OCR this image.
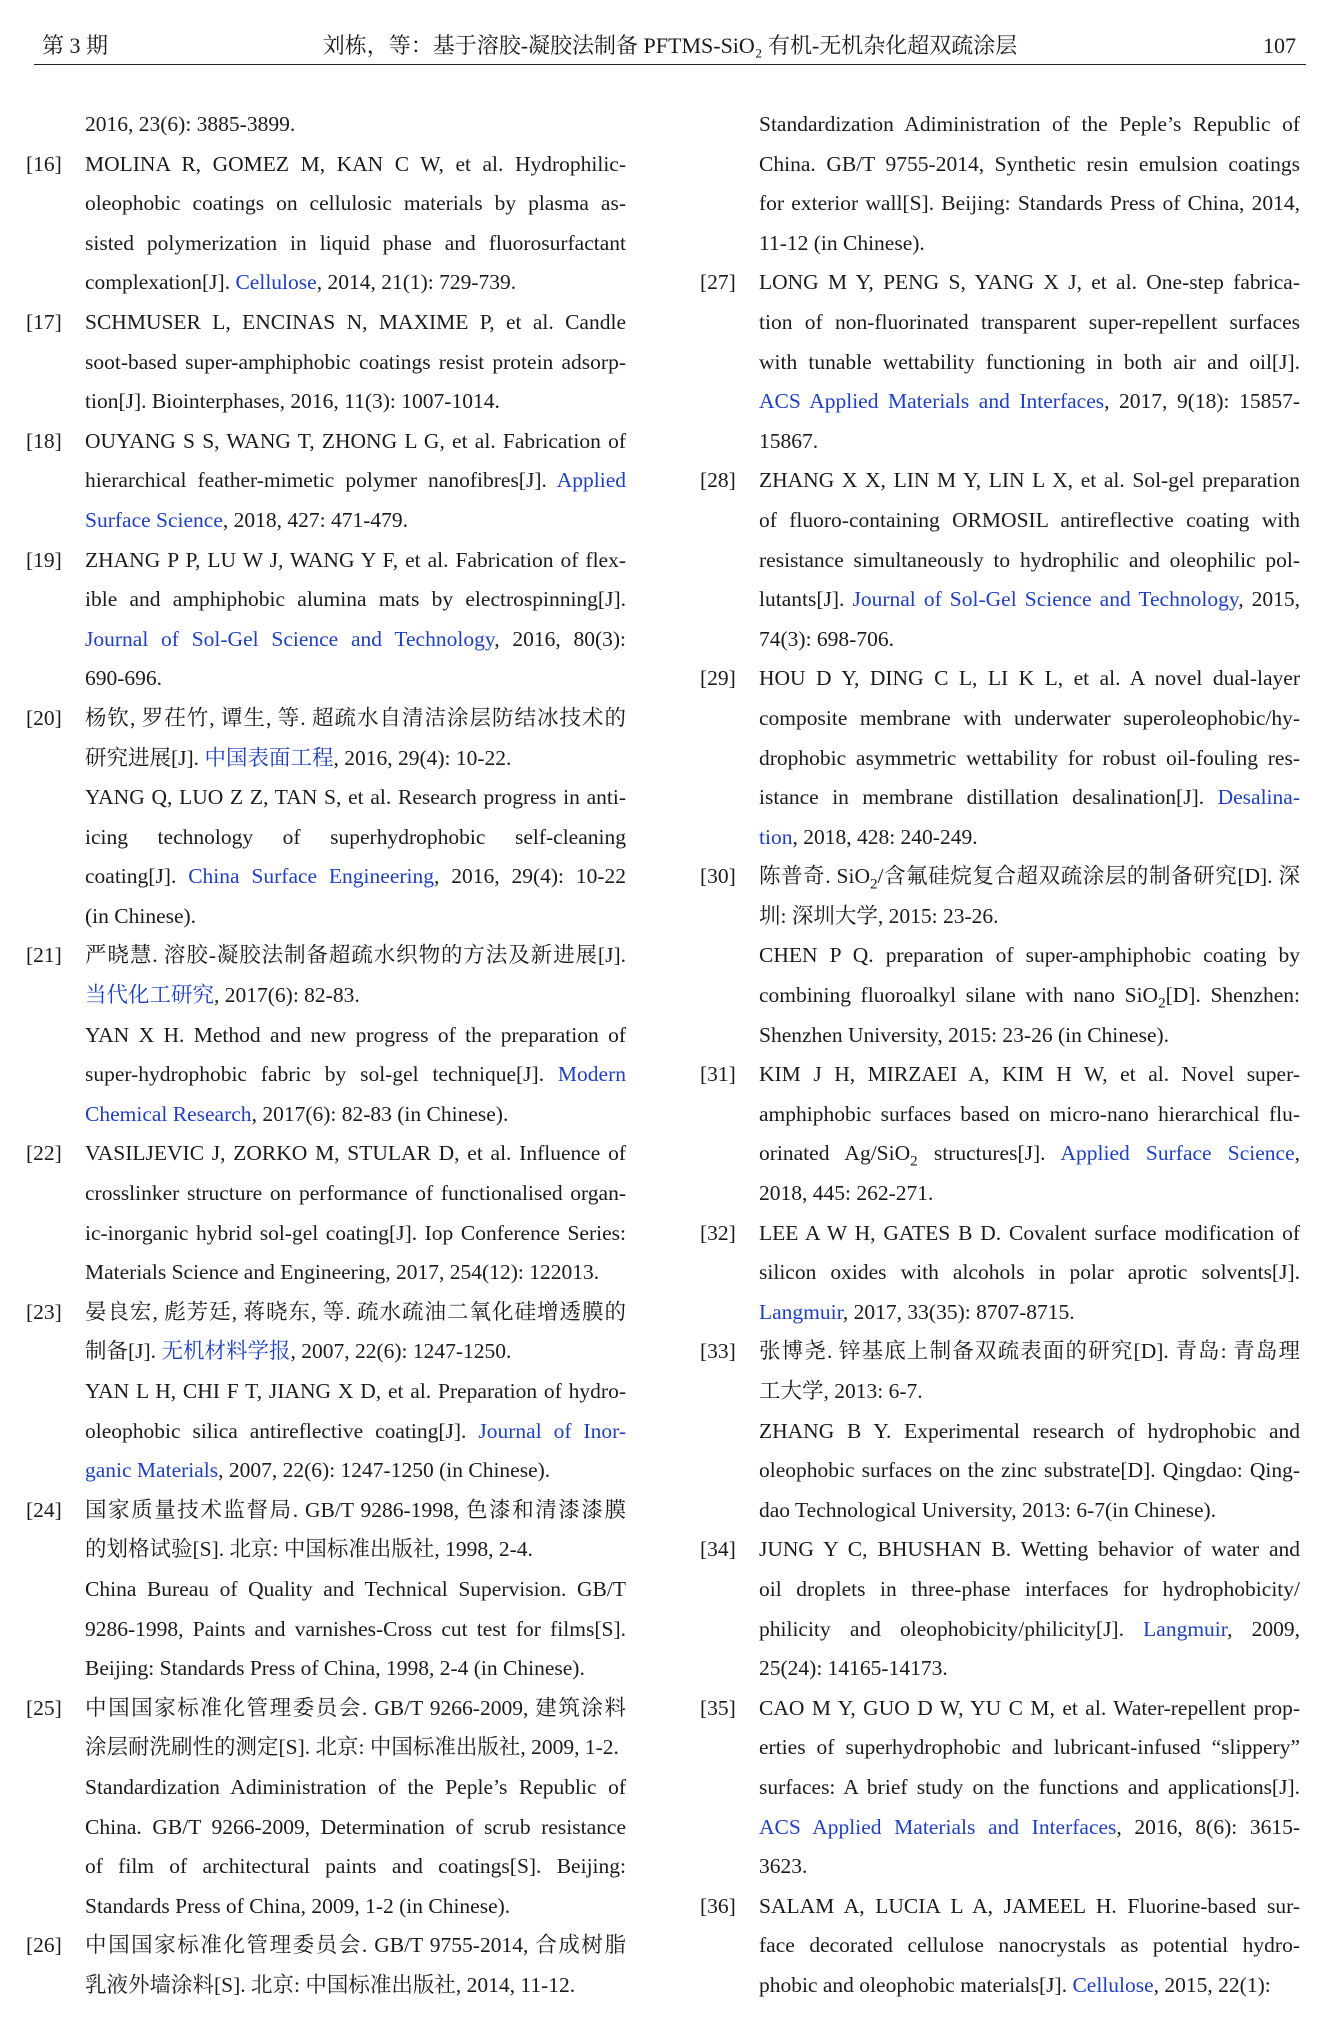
第 3 期	刘栋，等：基于溶胶-凝胶法制备 PFTMS-SiO₂ 有机-无机杂化超双疏涂层	107
2016, 23(6): 3885-3899.
[16] MOLINA R, GOMEZ M, KAN C W, et al. Hydrophilic-
oleophobic coatings on cellulosic materials by plasma as-
sisted polymerization in liquid phase and fluorosurfactant
complexation[J]. Cellulose, 2014, 21(1): 729-739.
[17] SCHMUSER L, ENCINAS N, MAXIME P, et al. Candle
soot-based super-amphiphobic coatings resist protein adsorp-
tion[J]. Biointerphases, 2016, 11(3): 1007-1014.
[18] OUYANG S S, WANG T, ZHONG L G, et al. Fabrication of
hierarchical feather-mimetic polymer nanofibres[J]. Applied
Surface Science, 2018, 427: 471-479.
[19] ZHANG P P, LU W J, WANG Y F, et al. Fabrication of flex-
ible and amphiphobic alumina mats by electrospinning[J].
Journal of Sol-Gel Science and Technology, 2016, 80(3):
690-696.
[20] 杨钦, 罗茌竹, 谭生, 等. 超疏水自清洁涂层防结冰技术的
研究进展[J]. 中国表面工程, 2016, 29(4): 10-22.
YANG Q, LUO Z Z, TAN S, et al. Research progress in anti-
icing technology of superhydrophobic self-cleaning
coating[J]. China Surface Engineering, 2016, 29(4): 10-22
(in Chinese).
[21] 严晓慧. 溶胶-凝胶法制备超疏水织物的方法及新进展[J].
当代化工研究, 2017(6): 82-83.
YAN X H. Method and new progress of the preparation of
super-hydrophobic fabric by sol-gel technique[J]. Modern
Chemical Research, 2017(6): 82-83 (in Chinese).
[22] VASILJEVIC J, ZORKO M, STULAR D, et al. Influence of
crosslinker structure on performance of functionalised organ-
ic-inorganic hybrid sol-gel coating[J]. Iop Conference Series:
Materials Science and Engineering, 2017, 254(12): 122013.
[23] 晏良宏, 彪芳廷, 蒋晓东, 等. 疏水疏油二氧化硅增透膜的
制备[J]. 无机材料学报, 2007, 22(6): 1247-1250.
YAN L H, CHI F T, JIANG X D, et al. Preparation of hydro-
oleophobic silica antireflective coating[J]. Journal of Inor-
ganic Materials, 2007, 22(6): 1247-1250 (in Chinese).
[24] 国家质量技术监督局. GB/T 9286-1998, 色漆和清漆漆膜
的划格试验[S]. 北京: 中国标准出版社, 1998, 2-4.
China Bureau of Quality and Technical Supervision. GB/T
9286-1998, Paints and varnishes-Cross cut test for films[S].
Beijing: Standards Press of China, 1998, 2-4 (in Chinese).
[25] 中国国家标准化管理委员会. GB/T 9266-2009, 建筑涂料
涂层耐洗刷性的测定[S]. 北京: 中国标准出版社, 2009, 1-2.
Standardization Adiministration of the Peple’s Republic of
China. GB/T 9266-2009, Determination of scrub resistance
of film of architectural paints and coatings[S]. Beijing:
Standards Press of China, 2009, 1-2 (in Chinese).
[26] 中国国家标准化管理委员会. GB/T 9755-2014, 合成树脂
乳液外墙涂料[S]. 北京: 中国标准出版社, 2014, 11-12.
Standardization Adiministration of the Peple’s Republic of
China. GB/T 9755-2014, Synthetic resin emulsion coatings
for exterior wall[S]. Beijing: Standards Press of China, 2014,
11-12 (in Chinese).
[27] LONG M Y, PENG S, YANG X J, et al. One-step fabrica-
tion of non-fluorinated transparent super-repellent surfaces
with tunable wettability functioning in both air and oil[J].
ACS Applied Materials and Interfaces, 2017, 9(18): 15857-
15867.
[28] ZHANG X X, LIN M Y, LIN L X, et al. Sol-gel preparation
of fluoro-containing ORMOSIL antireflective coating with
resistance simultaneously to hydrophilic and oleophilic pol-
lutants[J]. Journal of Sol-Gel Science and Technology, 2015,
74(3): 698-706.
[29] HOU D Y, DING C L, LI K L, et al. A novel dual-layer
composite membrane with underwater superoleophobic/hy-
drophobic asymmetric wettability for robust oil-fouling res-
istance in membrane distillation desalination[J]. Desalina-
tion, 2018, 428: 240-249.
[30] 陈普奇. SiO$_2$/含氟硅烷复合超双疏涂层的制备研究[D]. 深
圳: 深圳大学, 2015: 23-26.
CHEN P Q. preparation of super-amphiphobic coating by
combining fluoroalkyl silane with nano SiO$_2$[D]. Shenzhen:
Shenzhen University, 2015: 23-26 (in Chinese).
[31] KIM J H, MIRZAEI A, KIM H W, et al. Novel super-
amphiphobic surfaces based on micro-nano hierarchical flu-
orinated Ag/SiO$_2$ structures[J]. Applied Surface Science,
2018, 445: 262-271.
[32] LEE A W H, GATES B D. Covalent surface modification of
silicon oxides with alcohols in polar aprotic solvents[J].
Langmuir, 2017, 33(35): 8707-8715.
[33] 张博尧. 锌基底上制备双疏表面的研究[D]. 青岛: 青岛理
工大学, 2013: 6-7.
ZHANG B Y. Experimental research of hydrophobic and
oleophobic surfaces on the zinc substrate[D]. Qingdao: Qing-
dao Technological University, 2013: 6-7(in Chinese).
[34] JUNG Y C, BHUSHAN B. Wetting behavior of water and
oil droplets in three-phase interfaces for hydrophobicity/
philicity and oleophobicity/philicity[J]. Langmuir, 2009,
25(24): 14165-14173.
[35] CAO M Y, GUO D W, YU C M, et al. Water-repellent prop-
erties of superhydrophobic and lubricant-infused “slippery”
surfaces: A brief study on the functions and applications[J].
ACS Applied Materials and Interfaces, 2016, 8(6): 3615-
3623.
[36] SALAM A, LUCIA L A, JAMEEL H. Fluorine-based sur-
face decorated cellulose nanocrystals as potential hydro-
phobic and oleophobic materials[J]. Cellulose, 2015, 22(1):
